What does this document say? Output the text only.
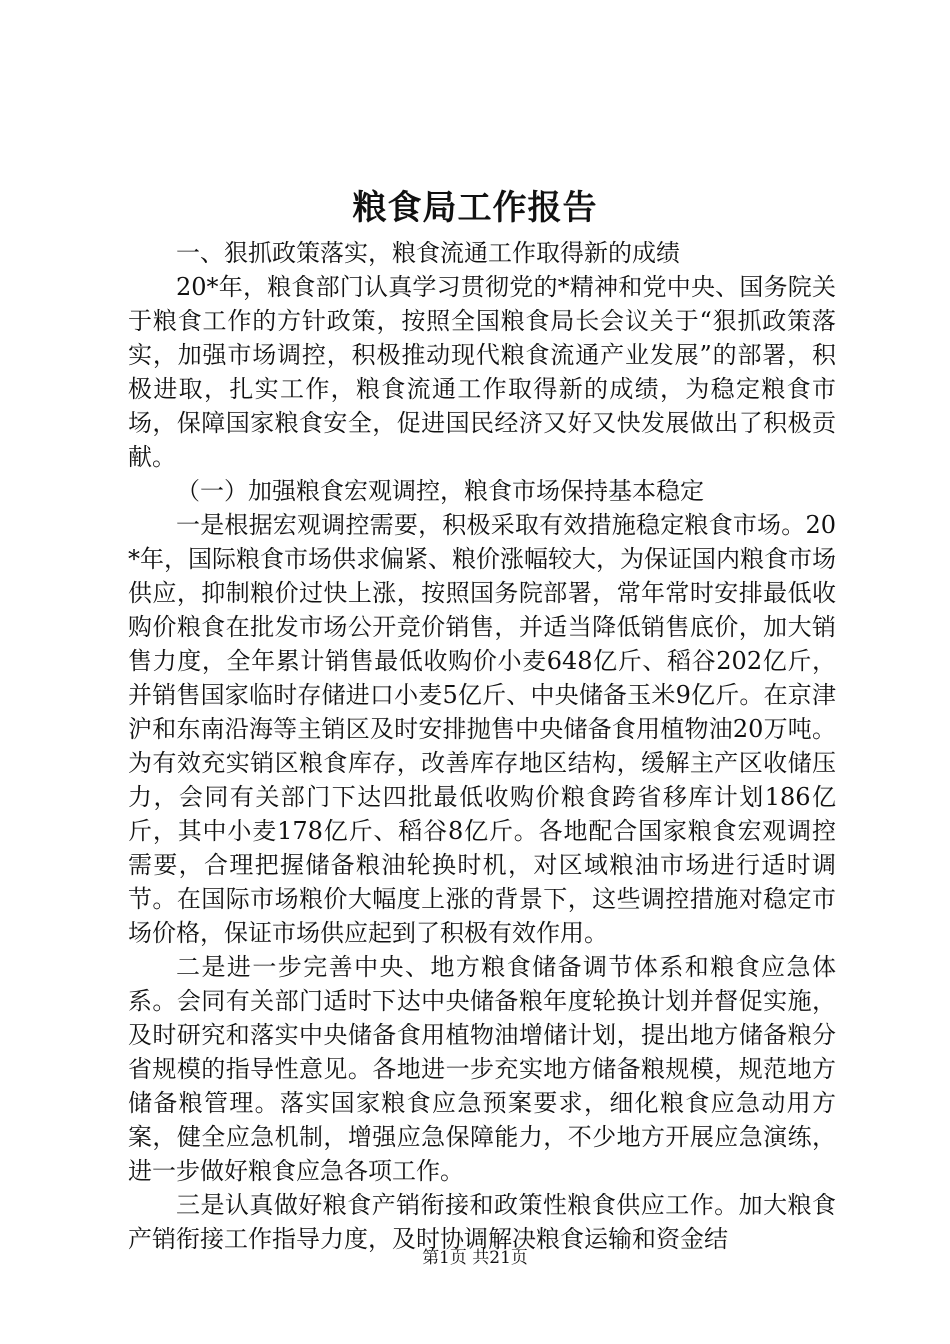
粮食局工作报告

一、狠抓政策落实，粮食流通工作取得新的成绩

20*年，粮食部门认真学习贯彻党的*精神和党中央、国务院关于粮食工作的方针政策，按照全国粮食局长会议关于“狠抓政策落实，加强市场调控，积极推动现代粮食流通产业发展”的部署，积极进取，扎实工作，粮食流通工作取得新的成绩，为稳定粮食市场，保障国家粮食安全，促进国民经济又好又快发展做出了积极贡献。

（一）加强粮食宏观调控，粮食市场保持基本稳定

一是根据宏观调控需要，积极采取有效措施稳定粮食市场。20*年，国际粮食市场供求偏紧、粮价涨幅较大，为保证国内粮食市场供应，抑制粮价过快上涨，按照国务院部署，常年常时安排最低收购价粮食在批发市场公开竞价销售，并适当降低销售底价，加大销售力度，全年累计销售最低收购价小麦648亿斤、稻谷202亿斤，并销售国家临时存储进口小麦5亿斤、中央储备玉米9亿斤。在京津沪和东南沿海等主销区及时安排抛售中央储备食用植物油20万吨。为有效充实销区粮食库存，改善库存地区结构，缓解主产区收储压力，会同有关部门下达四批最低收购价粮食跨省移库计划186亿斤，其中小麦178亿斤、稻谷8亿斤。各地配合国家粮食宏观调控需要，合理把握储备粮油轮换时机，对区域粮油市场进行适时调节。在国际市场粮价大幅度上涨的背景下，这些调控措施对稳定市场价格，保证市场供应起到了积极有效作用。

二是进一步完善中央、地方粮食储备调节体系和粮食应急体系。会同有关部门适时下达中央储备粮年度轮换计划并督促实施，及时研究和落实中央储备食用植物油增储计划，提出地方储备粮分省规模的指导性意见。各地进一步充实地方储备粮规模，规范地方储备粮管理。落实国家粮食应急预案要求，细化粮食应急动用方案，健全应急机制，增强应急保障能力，不少地方开展应急演练，进一步做好粮食应急各项工作。

三是认真做好粮食产销衔接和政策性粮食供应工作。加大粮食产销衔接工作指导力度，及时协调解决粮食运输和资金结

第1页 共21页
